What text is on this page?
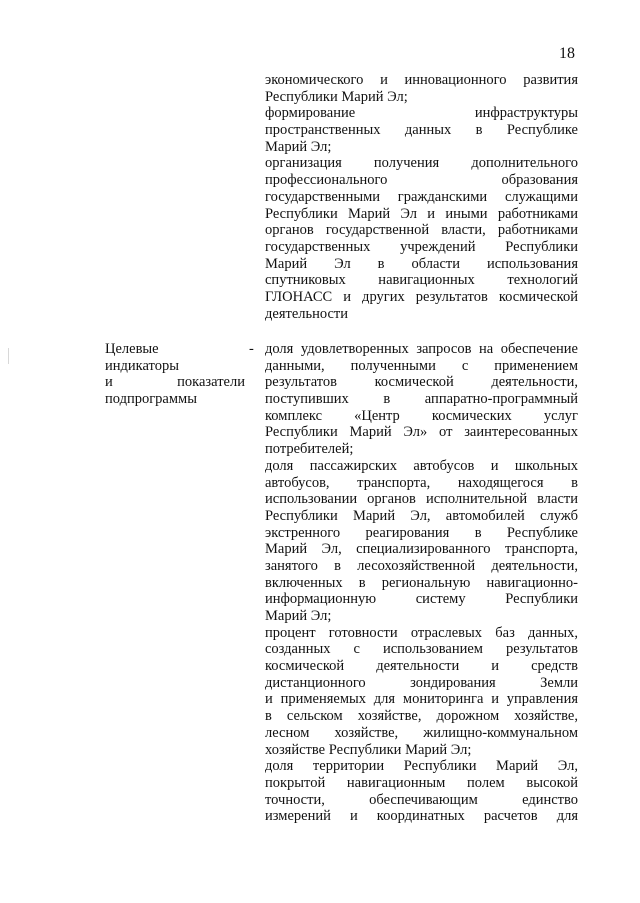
18
экономического и инновационного развития
Республики Марий Эл;
формирование инфраструктуры
пространственных данных в Республике
Марий Эл;
организация получения дополнительного
профессионального образования
государственными гражданскими служащими
Республики Марий Эл и иными работниками
органов государственной власти, работниками
государственных учреждений Республики
Марий Эл в области использования
спутниковых навигационных технологий
ГЛОНАСС и других результатов космической
деятельности
Целевые
индикаторы
и показатели
подпрограммы
- доля удовлетворенных запросов на обеспечение
данными, полученными с применением
результатов космической деятельности,
поступивших в аппаратно-программный
комплекс «Центр космических услуг
Республики Марий Эл» от заинтересованных
потребителей;
доля пассажирских автобусов и школьных
автобусов, транспорта, находящегося в
использовании органов исполнительной власти
Республики Марий Эл, автомобилей служб
экстренного реагирования в Республике
Марий Эл, специализированного транспорта,
занятого в лесохозяйственной деятельности,
включенных в региональную навигационно-
информационную систему Республики
Марий Эл;
процент готовности отраслевых баз данных,
созданных с использованием результатов
космической деятельности и средств
дистанционного зондирования Земли
и применяемых для мониторинга и управления
в сельском хозяйстве, дорожном хозяйстве,
лесном хозяйстве, жилищно-коммунальном
хозяйстве Республики Марий Эл;
доля территории Республики Марий Эл,
покрытой навигационным полем высокой
точности, обеспечивающим единство
измерений и координатных расчетов для
